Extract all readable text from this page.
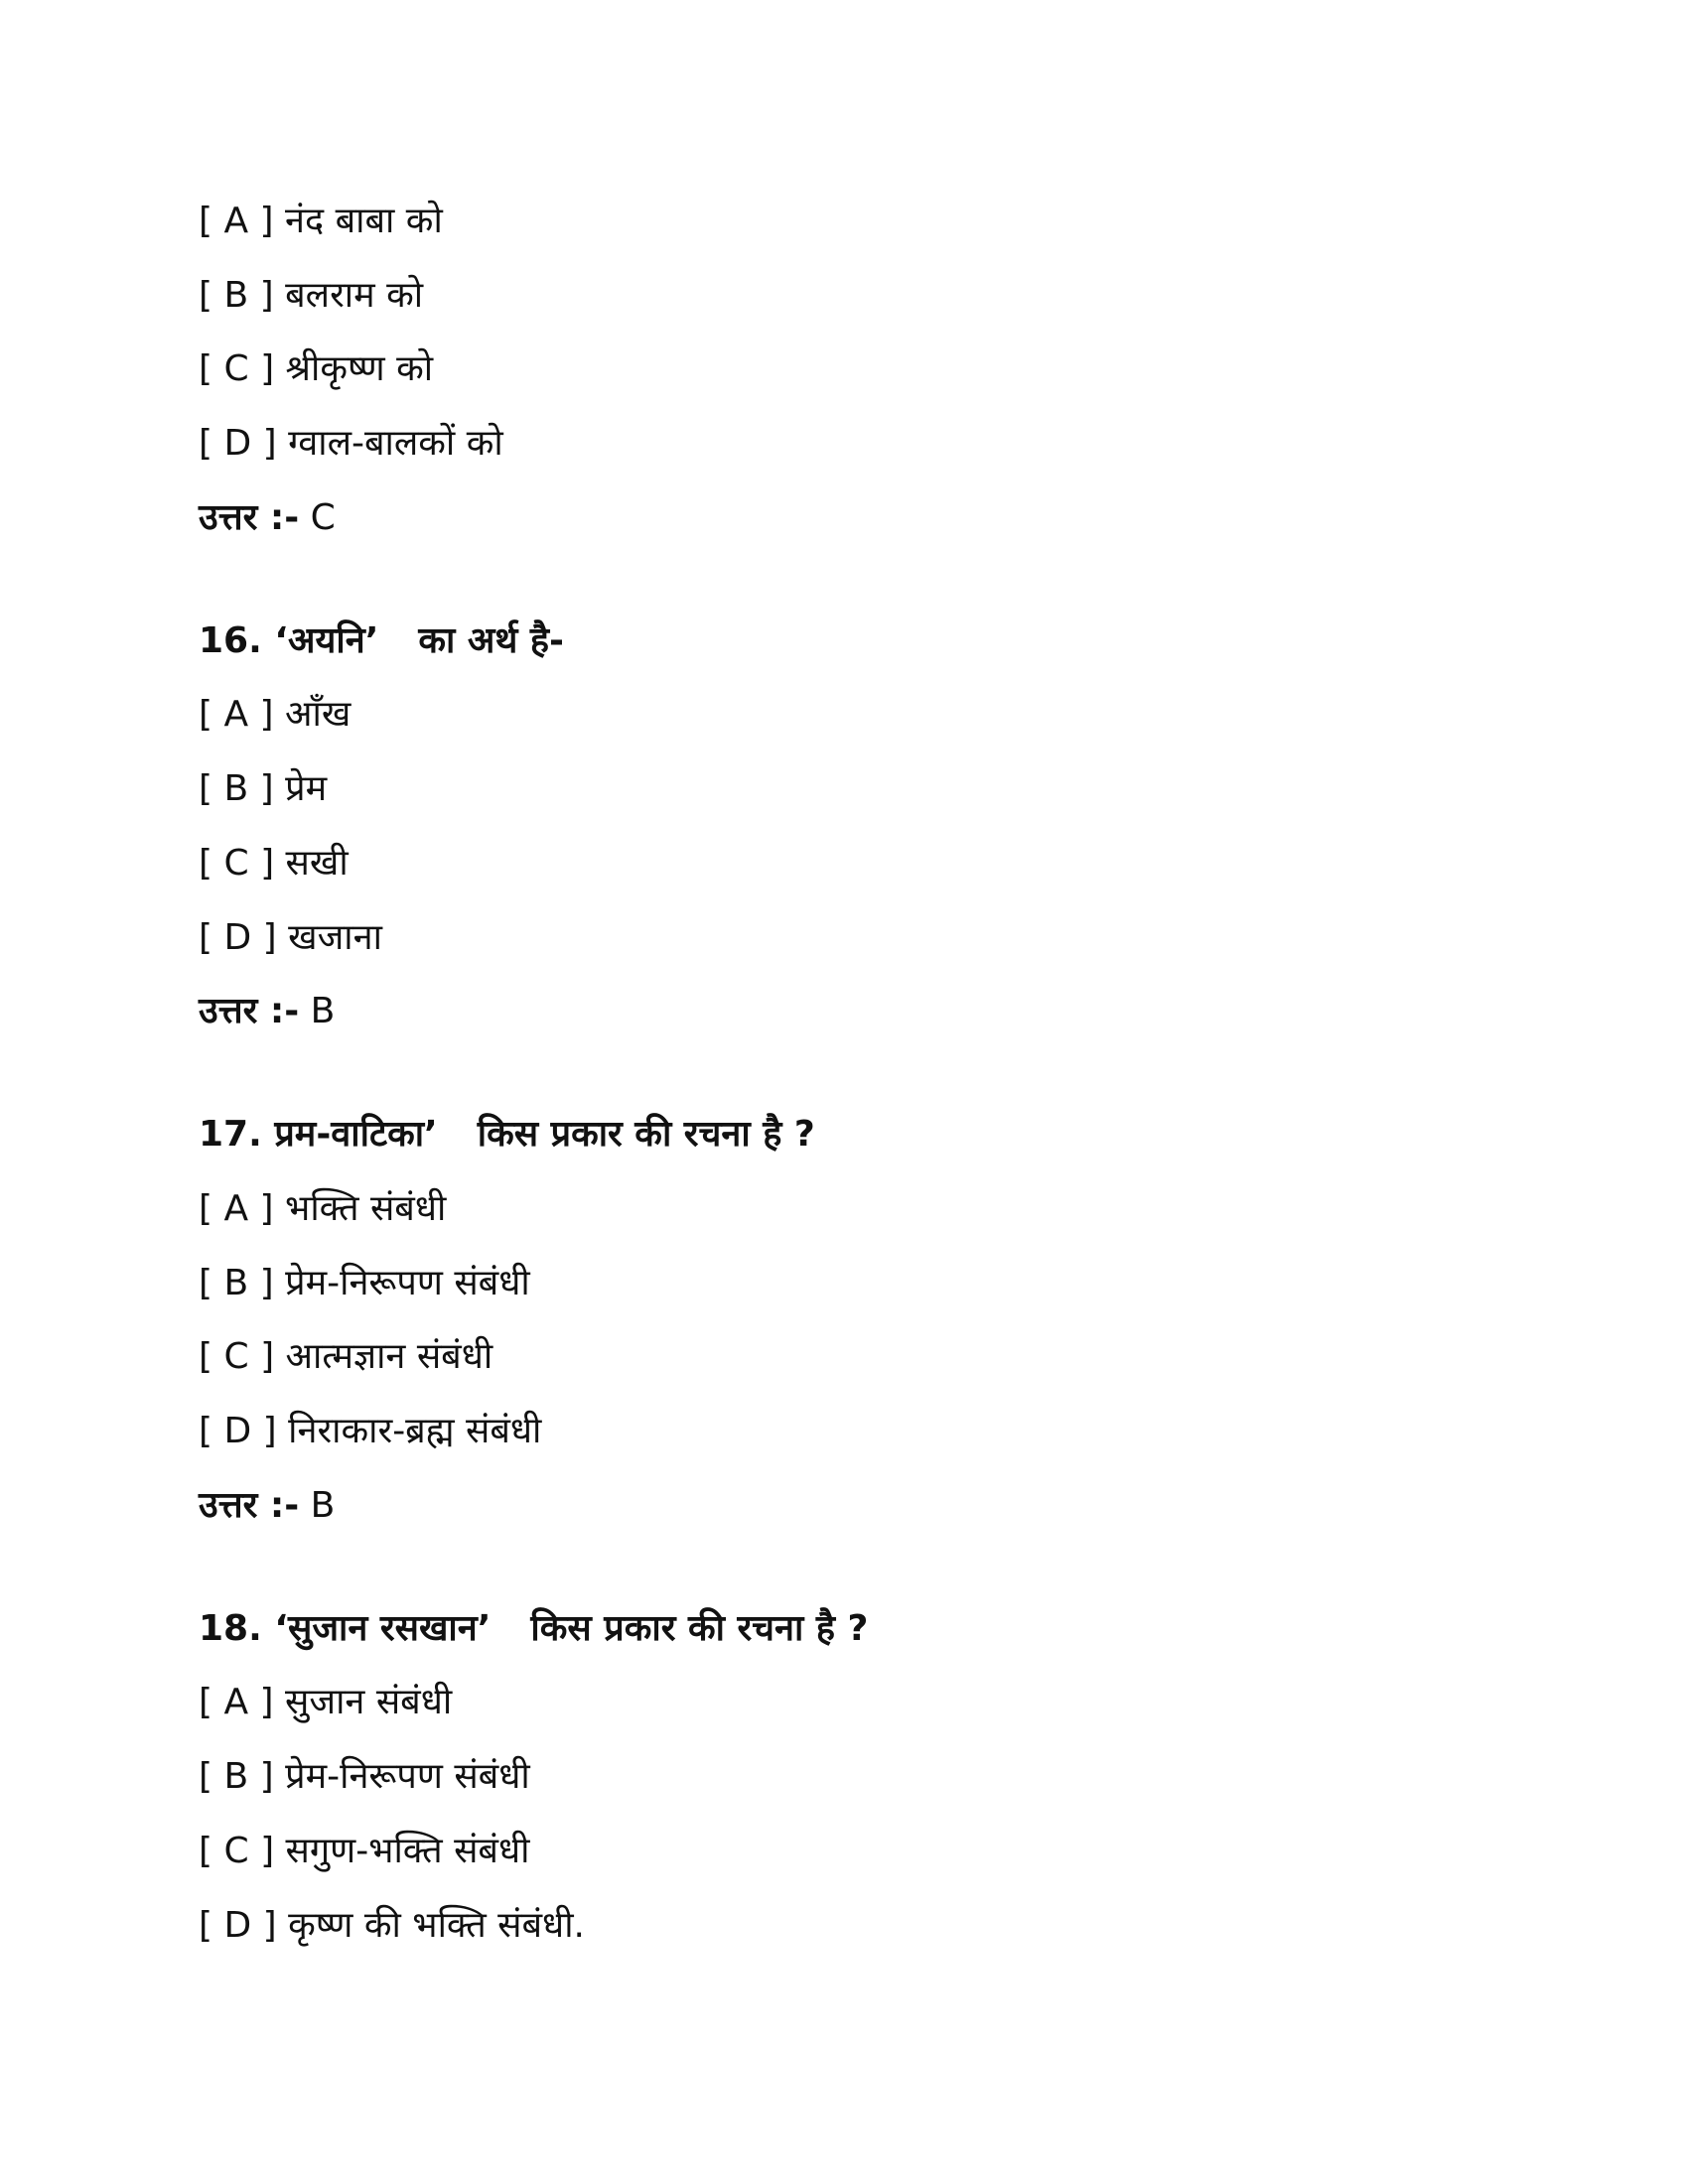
[ A ] नंद बाबा को
[ B ] बलराम को
[ C ] श्रीकृष्ण को
[ D ] ग्वाल-बालकों को
उत्तर :- C
16. ‘अयनि’ का अर्थ है-
[ A ] आँख
[ B ] प्रेम
[ C ] सखी
[ D ] खजाना
उत्तर :- B
17. प्रम-वाटिका’ किस प्रकार की रचना है ?
[ A ] भक्ति संबंधी
[ B ] प्रेम-निरूपण संबंधी
[ C ] आत्मज्ञान संबंधी
[ D ] निराकार-ब्रह्म संबंधी
उत्तर :- B
18. ‘सुजान रसखान’ किस प्रकार की रचना है ?
[ A ] सुजान संबंधी
[ B ] प्रेम-निरूपण संबंधी
[ C ] सगुण-भक्ति संबंधी
[ D ] कृष्ण की भक्ति संबंधी.
